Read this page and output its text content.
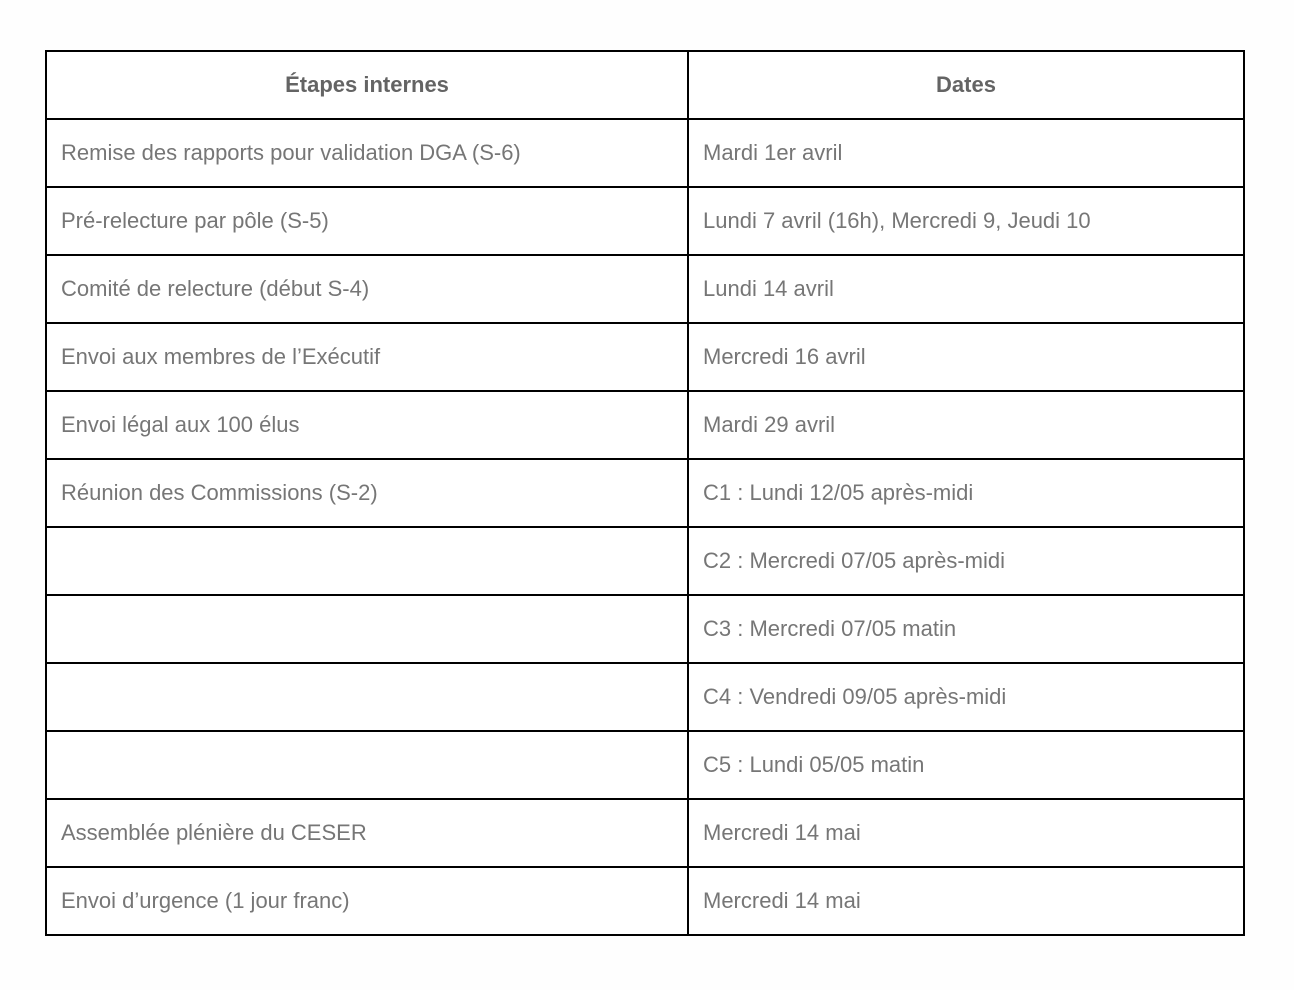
Étapes internes	Dates
Remise des rapports pour validation DGA (S-6)	Mardi 1er avril
Pré-relecture par pôle (S-5)	Lundi 7 avril (16h), Mercredi 9, Jeudi 10
Comité de relecture (début S-4)	Lundi 14 avril
Envoi aux membres de l’Exécutif	Mercredi 16 avril
Envoi légal aux 100 élus	Mardi 29 avril
Réunion des Commissions (S-2)	C1 : Lundi 12/05 après-midi
	C2 : Mercredi 07/05 après-midi
	C3 : Mercredi 07/05 matin
	C4 : Vendredi 09/05 après-midi
	C5 : Lundi 05/05 matin
Assemblée plénière du CESER	Mercredi 14 mai
Envoi d’urgence (1 jour franc)	Mercredi 14 mai
